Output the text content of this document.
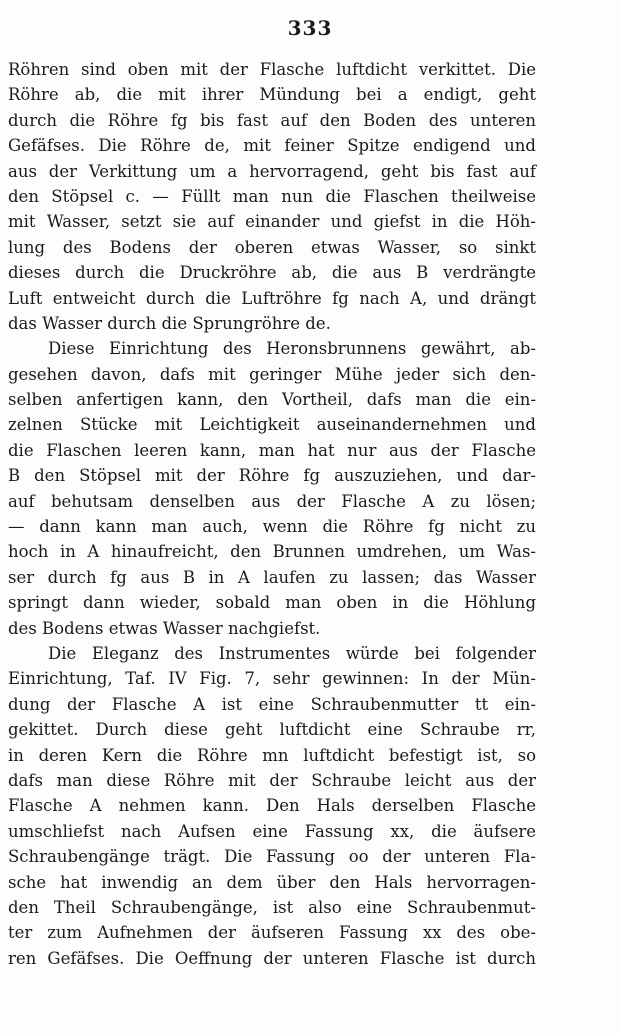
333
Röhren sind oben mit der Flasche luftdicht verkittet. Die
Röhre ab, die mit ihrer Mündung bei a endigt, geht
durch die Röhre fg bis fast auf den Boden des unteren
Gefäfses. Die Röhre de, mit feiner Spitze endigend und
aus der Verkittung um a hervorragend, geht bis fast auf
den Stöpsel c. — Füllt man nun die Flaschen theilweise
mit Wasser, setzt sie auf einander und giefst in die Höh-
lung des Bodens der oberen etwas Wasser, so sinkt
dieses durch die Druckröhre ab, die aus B verdrängte
Luft entweicht durch die Luftröhre fg nach A, und drängt
das Wasser durch die Sprungröhre de.
Diese Einrichtung des Heronsbrunnens gewährt, ab-
gesehen davon, dafs mit geringer Mühe jeder sich den-
selben anfertigen kann, den Vortheil, dafs man die ein-
zelnen Stücke mit Leichtigkeit auseinandernehmen und
die Flaschen leeren kann, man hat nur aus der Flasche
B den Stöpsel mit der Röhre fg auszuziehen, und dar-
auf behutsam denselben aus der Flasche A zu lösen;
— dann kann man auch, wenn die Röhre fg nicht zu
hoch in A hinaufreicht, den Brunnen umdrehen, um Was-
ser durch fg aus B in A laufen zu lassen; das Wasser
springt dann wieder, sobald man oben in die Höhlung
des Bodens etwas Wasser nachgiefst.
Die Eleganz des Instrumentes würde bei folgender
Einrichtung, Taf. IV Fig. 7, sehr gewinnen: In der Mün-
dung der Flasche A ist eine Schraubenmutter tt ein-
gekittet. Durch diese geht luftdicht eine Schraube rr,
in deren Kern die Röhre mn luftdicht befestigt ist, so
dafs man diese Röhre mit der Schraube leicht aus der
Flasche A nehmen kann. Den Hals derselben Flasche
umschliefst nach Aufsen eine Fassung xx, die äufsere
Schraubengänge trägt. Die Fassung oo der unteren Fla-
sche hat inwendig an dem über den Hals hervorragen-
den Theil Schraubengänge, ist also eine Schraubenmut-
ter zum Aufnehmen der äufseren Fassung xx des obe-
ren Gefäfses. Die Oeffnung der unteren Flasche ist durch
